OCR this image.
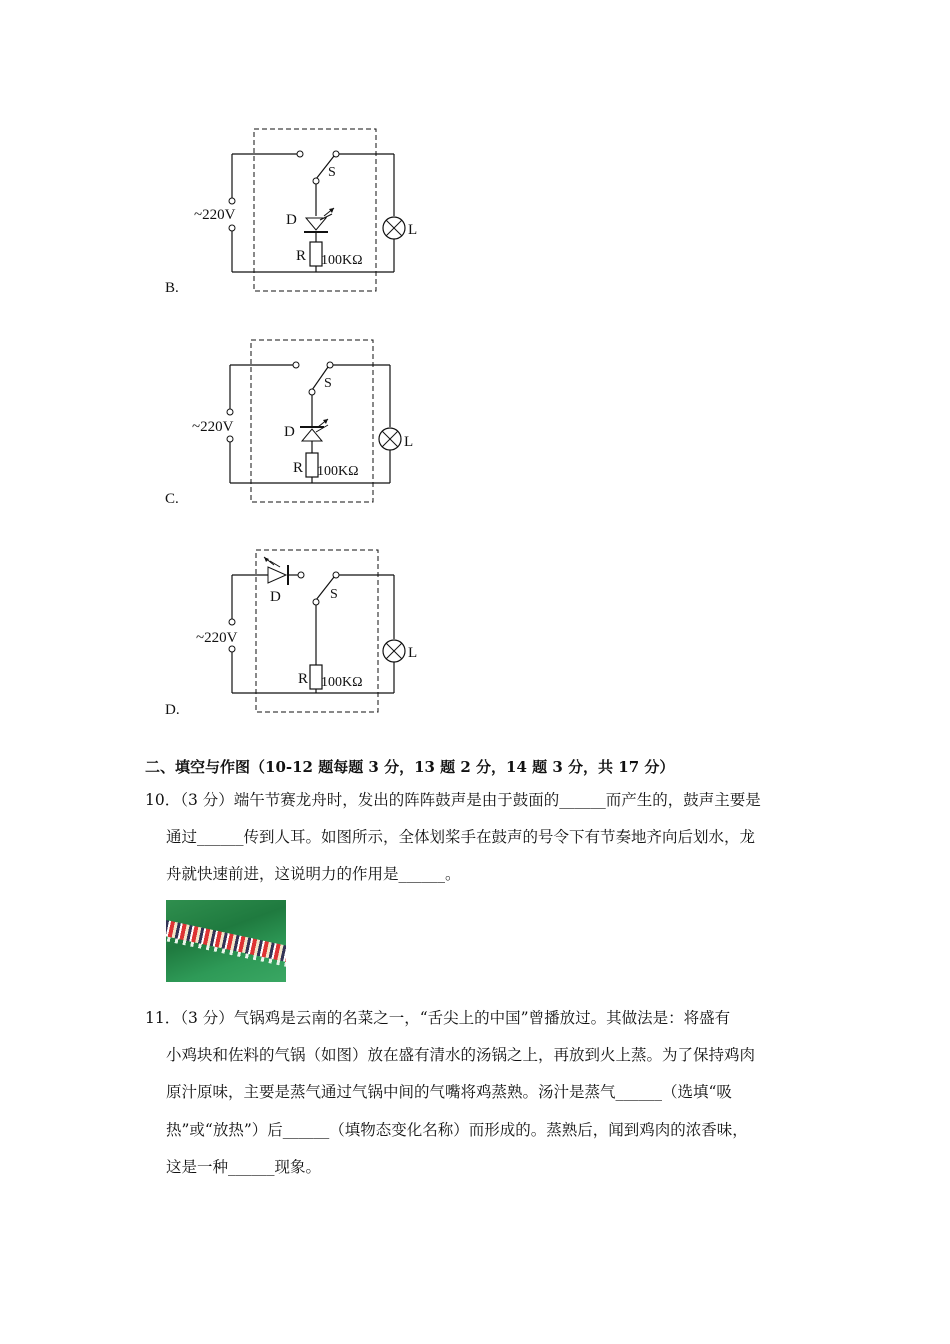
~220V
S
D
R 100KΩ
L
B.
~220V
S
D
R 100KΩ
L
C.
~220V
S
D
R 100KΩ
L
D.
二、填空与作图（10-12 题每题 3 分，13 题 2 分，14 题 3 分，共 17 分）
10．（3 分）端午节赛龙舟时，发出的阵阵鼓声是由于鼓面的______而产生的，鼓声主要是
通过______传到人耳。如图所示，全体划桨手在鼓声的号令下有节奏地齐向后划水，龙
舟就快速前进，这说明力的作用是______。
11．（3 分）气锅鸡是云南的名菜之一，“舌尖上的中国”曾播放过。其做法是：将盛有
小鸡块和佐料的气锅（如图）放在盛有清水的汤锅之上，再放到火上蒸。为了保持鸡肉
原汁原味，主要是蒸气通过气锅中间的气嘴将鸡蒸熟。汤汁是蒸气______（选填“吸
热”或“放热”）后______（填物态变化名称）而形成的。蒸熟后，闻到鸡肉的浓香味，
这是一种______现象。
